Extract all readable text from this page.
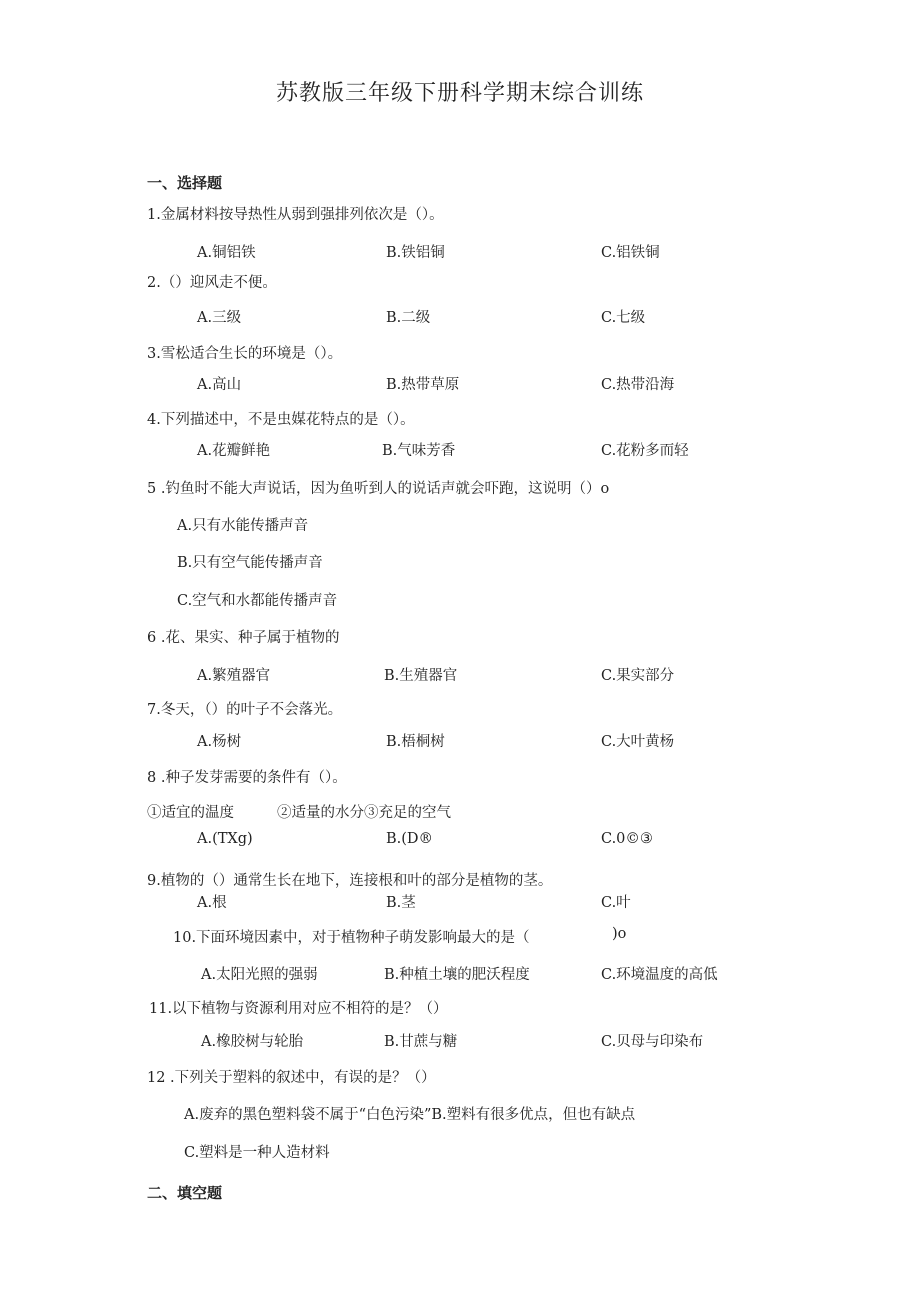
苏教版三年级下册科学期末综合训练
一、选择题
1.金属材料按导热性从弱到强排列依次是（）。
A.铜铝铁	B.铁铝铜	C.铝铁铜
2.（）迎风走不便。
A.三级	B.二级	C.七级
3.雪松适合生长的环境是（）。
A.高山	B.热带草原	C.热带沿海
4.下列描述中，不是虫媒花特点的是（）。
A.花瓣鲜艳	B.气味芳香	C.花粉多而轻
5 .钓鱼时不能大声说话，因为鱼听到人的说话声就会吓跑，这说明（）o
A.只有水能传播声音
B.只有空气能传播声音
C.空气和水都能传播声音
6 .花、果实、种子属于植物的
A.繁殖器官	B.生殖器官	C.果实部分
7.冬天，（）的叶子不会落光。
A.杨树	B.梧桐树	C.大叶黄杨
8 .种子发芽需要的条件有（）。
①适宜的温度	②适量的水分③充足的空气
A.(TXg)	B.(D®	C.0©③
9.植物的（）通常生长在地下，连接根和叶的部分是植物的茎。
A.根	B.茎	C.叶
10.下面环境因素中，对于植物种子萌发影响最大的是（	)o
A.太阳光照的强弱	B.种植土壤的肥沃程度	C.环境温度的高低
11.以下植物与资源利用对应不相符的是？（）
A.橡胶树与轮胎	B.甘蔗与糖	C.贝母与印染布
12 .下列关于塑料的叙述中，有误的是？（）
A.废弃的黑色塑料袋不属于“白色污染”B.塑料有很多优点，但也有缺点
C.塑料是一种人造材料
二、填空题
